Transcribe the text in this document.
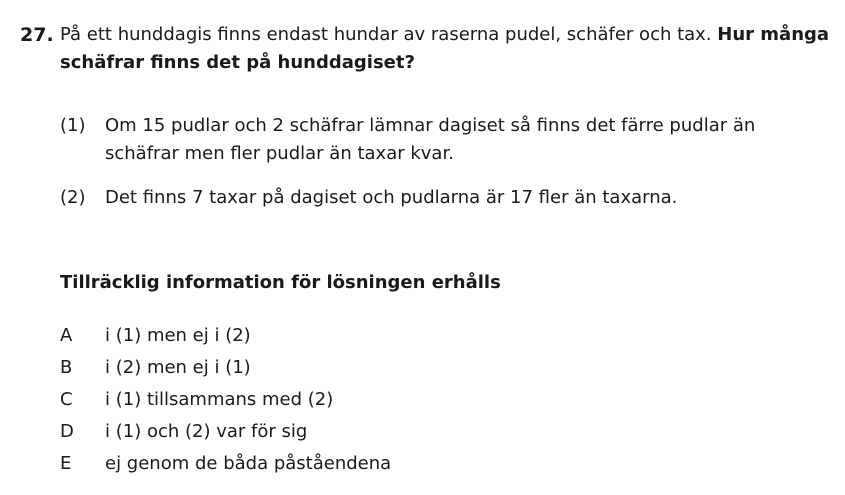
27. På ett hunddagis finns endast hundar av raserna pudel, schäfer och tax. Hur många schäfrar finns det på hunddagiset?
(1)	Om 15 pudlar och 2 schäfrar lämnar dagiset så finns det färre pudlar än schäfrar men fler pudlar än taxar kvar.
(2)	Det finns 7 taxar på dagiset och pudlarna är 17 fler än taxarna.
Tillräcklig information för lösningen erhålls
A	i (1) men ej i (2)
B	i (2) men ej i (1)
C	i (1) tillsammans med (2)
D	i (1) och (2) var för sig
E	ej genom de båda påståendena
